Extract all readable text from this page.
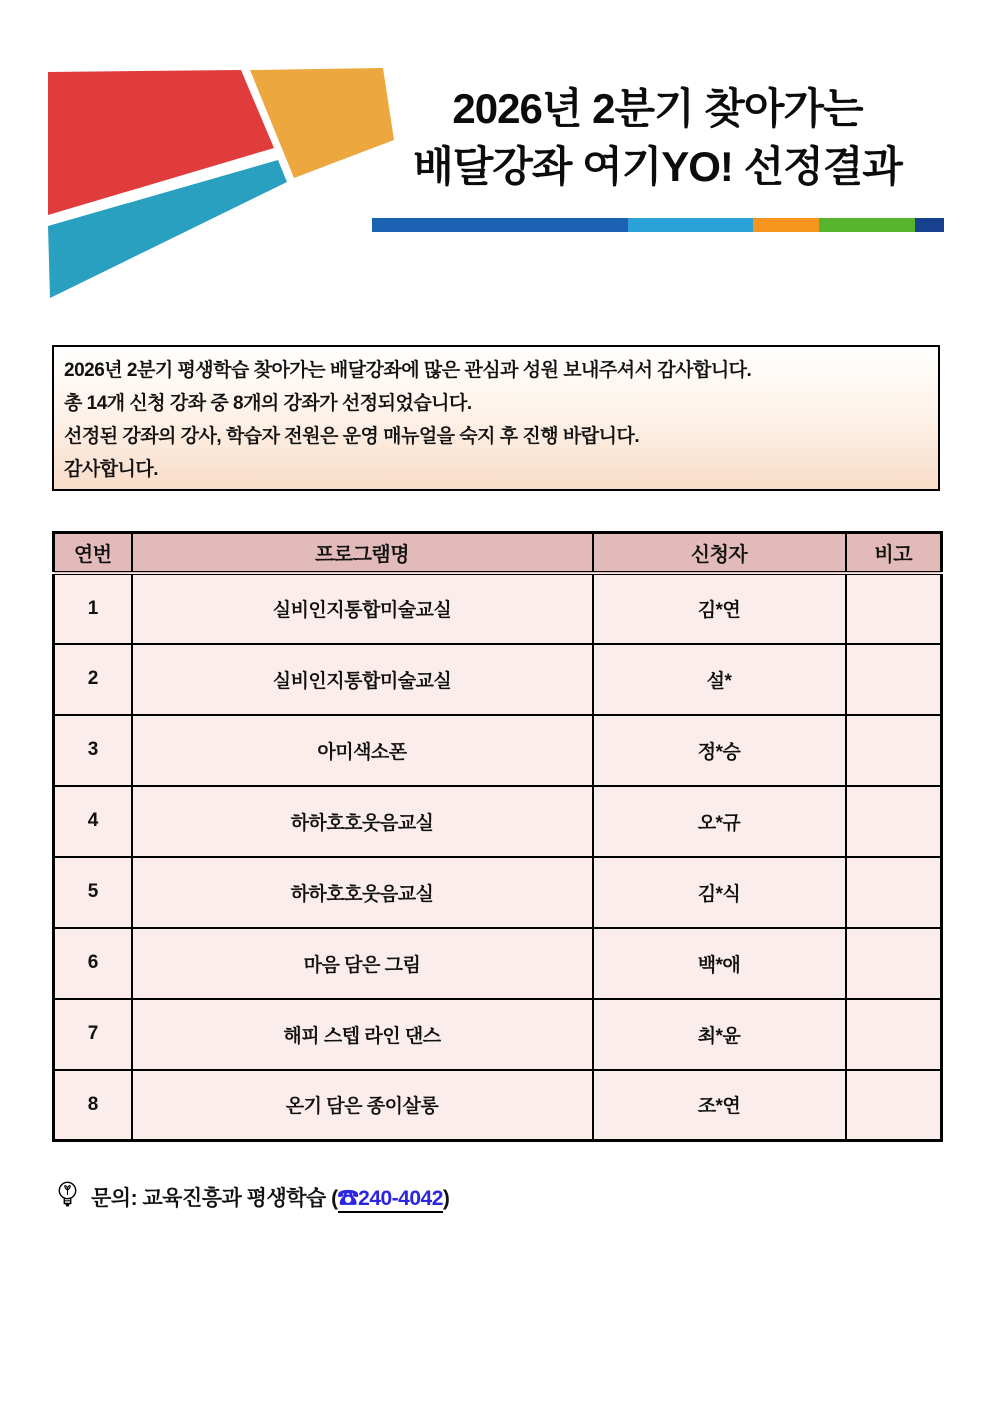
2026년 2분기 찾아가는
배달강좌 여기YO! 선정결과
2026년 2분기 평생학습 찾아가는 배달강좌에 많은 관심과 성원 보내주셔서 감사합니다.
총 14개 신청 강좌 중 8개의 강좌가 선정되었습니다.
선정된 강좌의 강사, 학습자 전원은 운영 매뉴얼을 숙지 후 진행 바랍니다.
감사합니다.
연번	프로그램명	신청자	비고
1	실비인지통합미술교실	김*연	
2	실비인지통합미술교실	설*	
3	아미색소폰	정*승	
4	하하호호웃음교실	오*규	
5	하하호호웃음교실	김*식	
6	마음 담은 그림	백*애	
7	해피 스텝 라인 댄스	최*윤	
8	온기 담은 종이살롱	조*연	
문의: 교육진흥과 평생학습 (☎240-4042)
